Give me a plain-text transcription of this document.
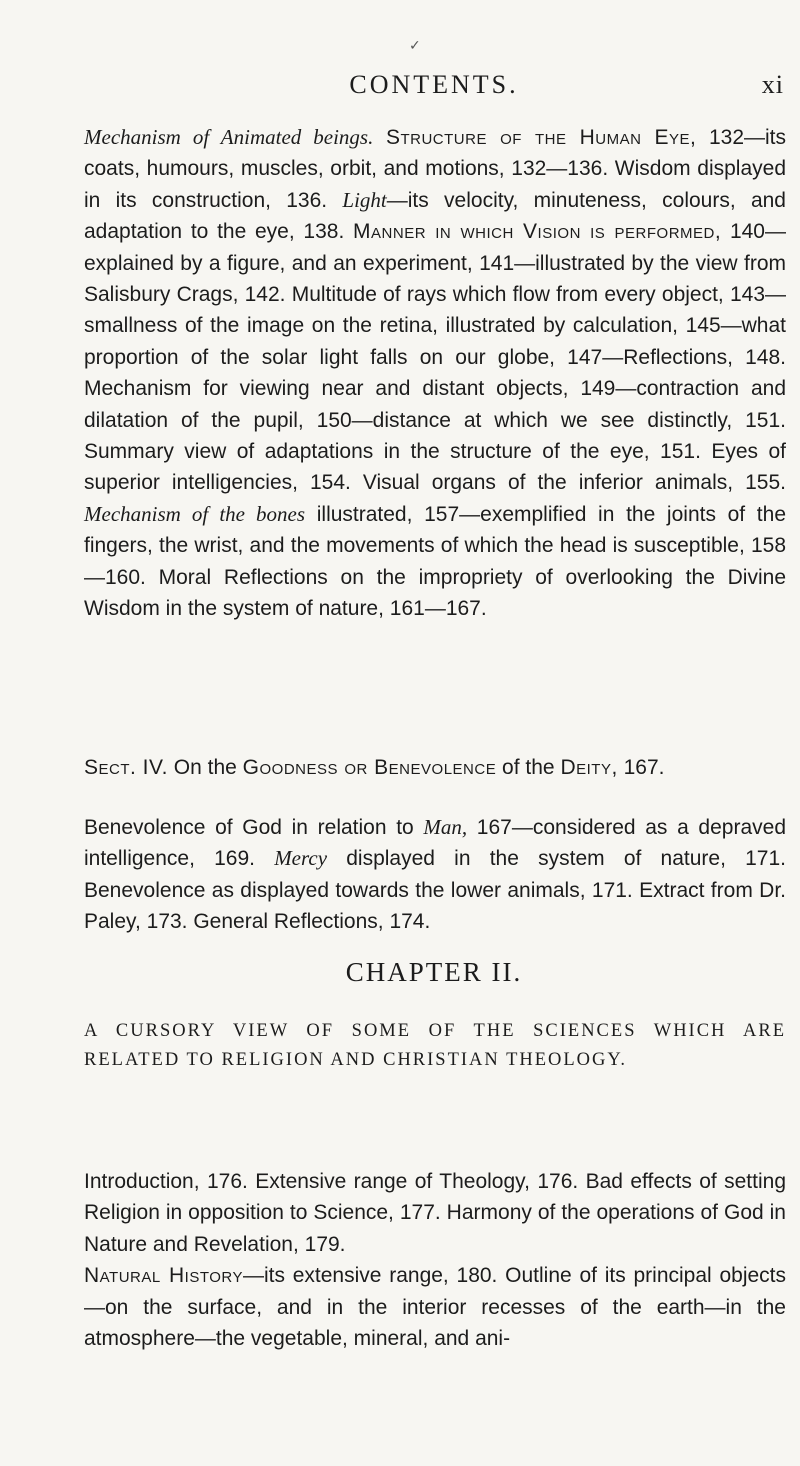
✓
CONTENTS.	xi

Mechanism of Animated beings. Structure of the Human Eye, 132—its coats, humours, muscles, orbit, and motions, 132—136. Wisdom displayed in its construction, 136. Light—its velocity, minuteness, colours, and adaptation to the eye, 138. Manner in which Vision is performed, 140—explained by a figure, and an experiment, 141—illustrated by the view from Salisbury Crags, 142. Multitude of rays which flow from every object, 143—smallness of the image on the retina, illustrated by calculation, 145—what proportion of the solar light falls on our globe, 147—Reflections, 148. Mechanism for viewing near and distant objects, 149—contraction and dilatation of the pupil, 150—distance at which we see distinctly, 151. Summary view of adaptations in the structure of the eye, 151. Eyes of superior intelligencies, 154. Visual organs of the inferior animals, 155. Mechanism of the bones illustrated, 157—exemplified in the joints of the fingers, the wrist, and the movements of which the head is susceptible, 158—160. Moral Reflections on the impropriety of overlooking the Divine Wisdom in the system of nature, 161—167.

Sect. IV. On the Goodness or Benevolence of the Deity, 167.

Benevolence of God in relation to Man, 167—considered as a depraved intelligence, 169. Mercy displayed in the system of nature, 171. Benevolence as displayed towards the lower animals, 171. Extract from Dr. Paley, 173. General Reflections, 174.

CHAPTER II.
A CURSORY VIEW OF SOME OF THE SCIENCES WHICH ARE RELATED TO RELIGION AND CHRISTIAN THEOLOGY.

Introduction, 176. Extensive range of Theology, 176. Bad effects of setting Religion in opposition to Science, 177. Harmony of the operations of God in Nature and Revelation, 179.
Natural History—its extensive range, 180. Outline of its principal objects—on the surface, and in the interior recesses of the earth—in the atmosphere—the vegetable, mineral, and ani-
